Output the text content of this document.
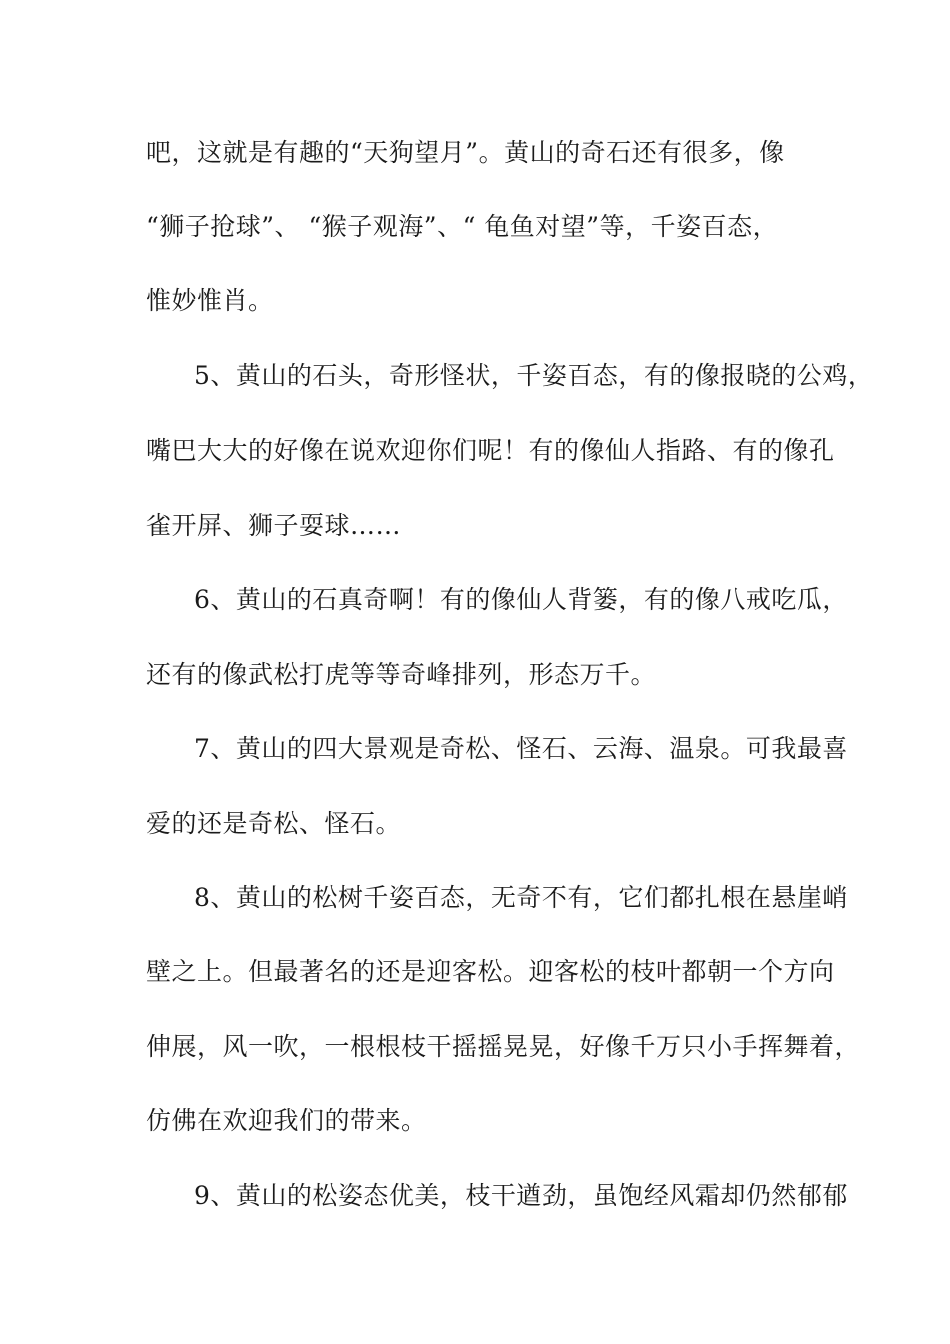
吧，这就是有趣的“天狗望月”。黄山的奇石还有很多，像
“狮子抢球”、 “猴子观海”、“ 龟鱼对望”等，千姿百态，
惟妙惟肖。
5、黄山的石头，奇形怪状，千姿百态，有的像报晓的公鸡，
嘴巴大大的好像在说欢迎你们呢！有的像仙人指路、有的像孔
雀开屏、狮子耍球……
6、黄山的石真奇啊！有的像仙人背篓，有的像八戒吃瓜，
还有的像武松打虎等等奇峰排列，形态万千。
7、黄山的四大景观是奇松、怪石、云海、温泉。可我最喜
爱的还是奇松、怪石。
8、黄山的松树千姿百态，无奇不有，它们都扎根在悬崖峭
壁之上。但最著名的还是迎客松。迎客松的枝叶都朝一个方向
伸展，风一吹，一根根枝干摇摇晃晃，好像千万只小手挥舞着，
仿佛在欢迎我们的带来。
9、黄山的松姿态优美，枝干遒劲，虽饱经风霜却仍然郁郁
